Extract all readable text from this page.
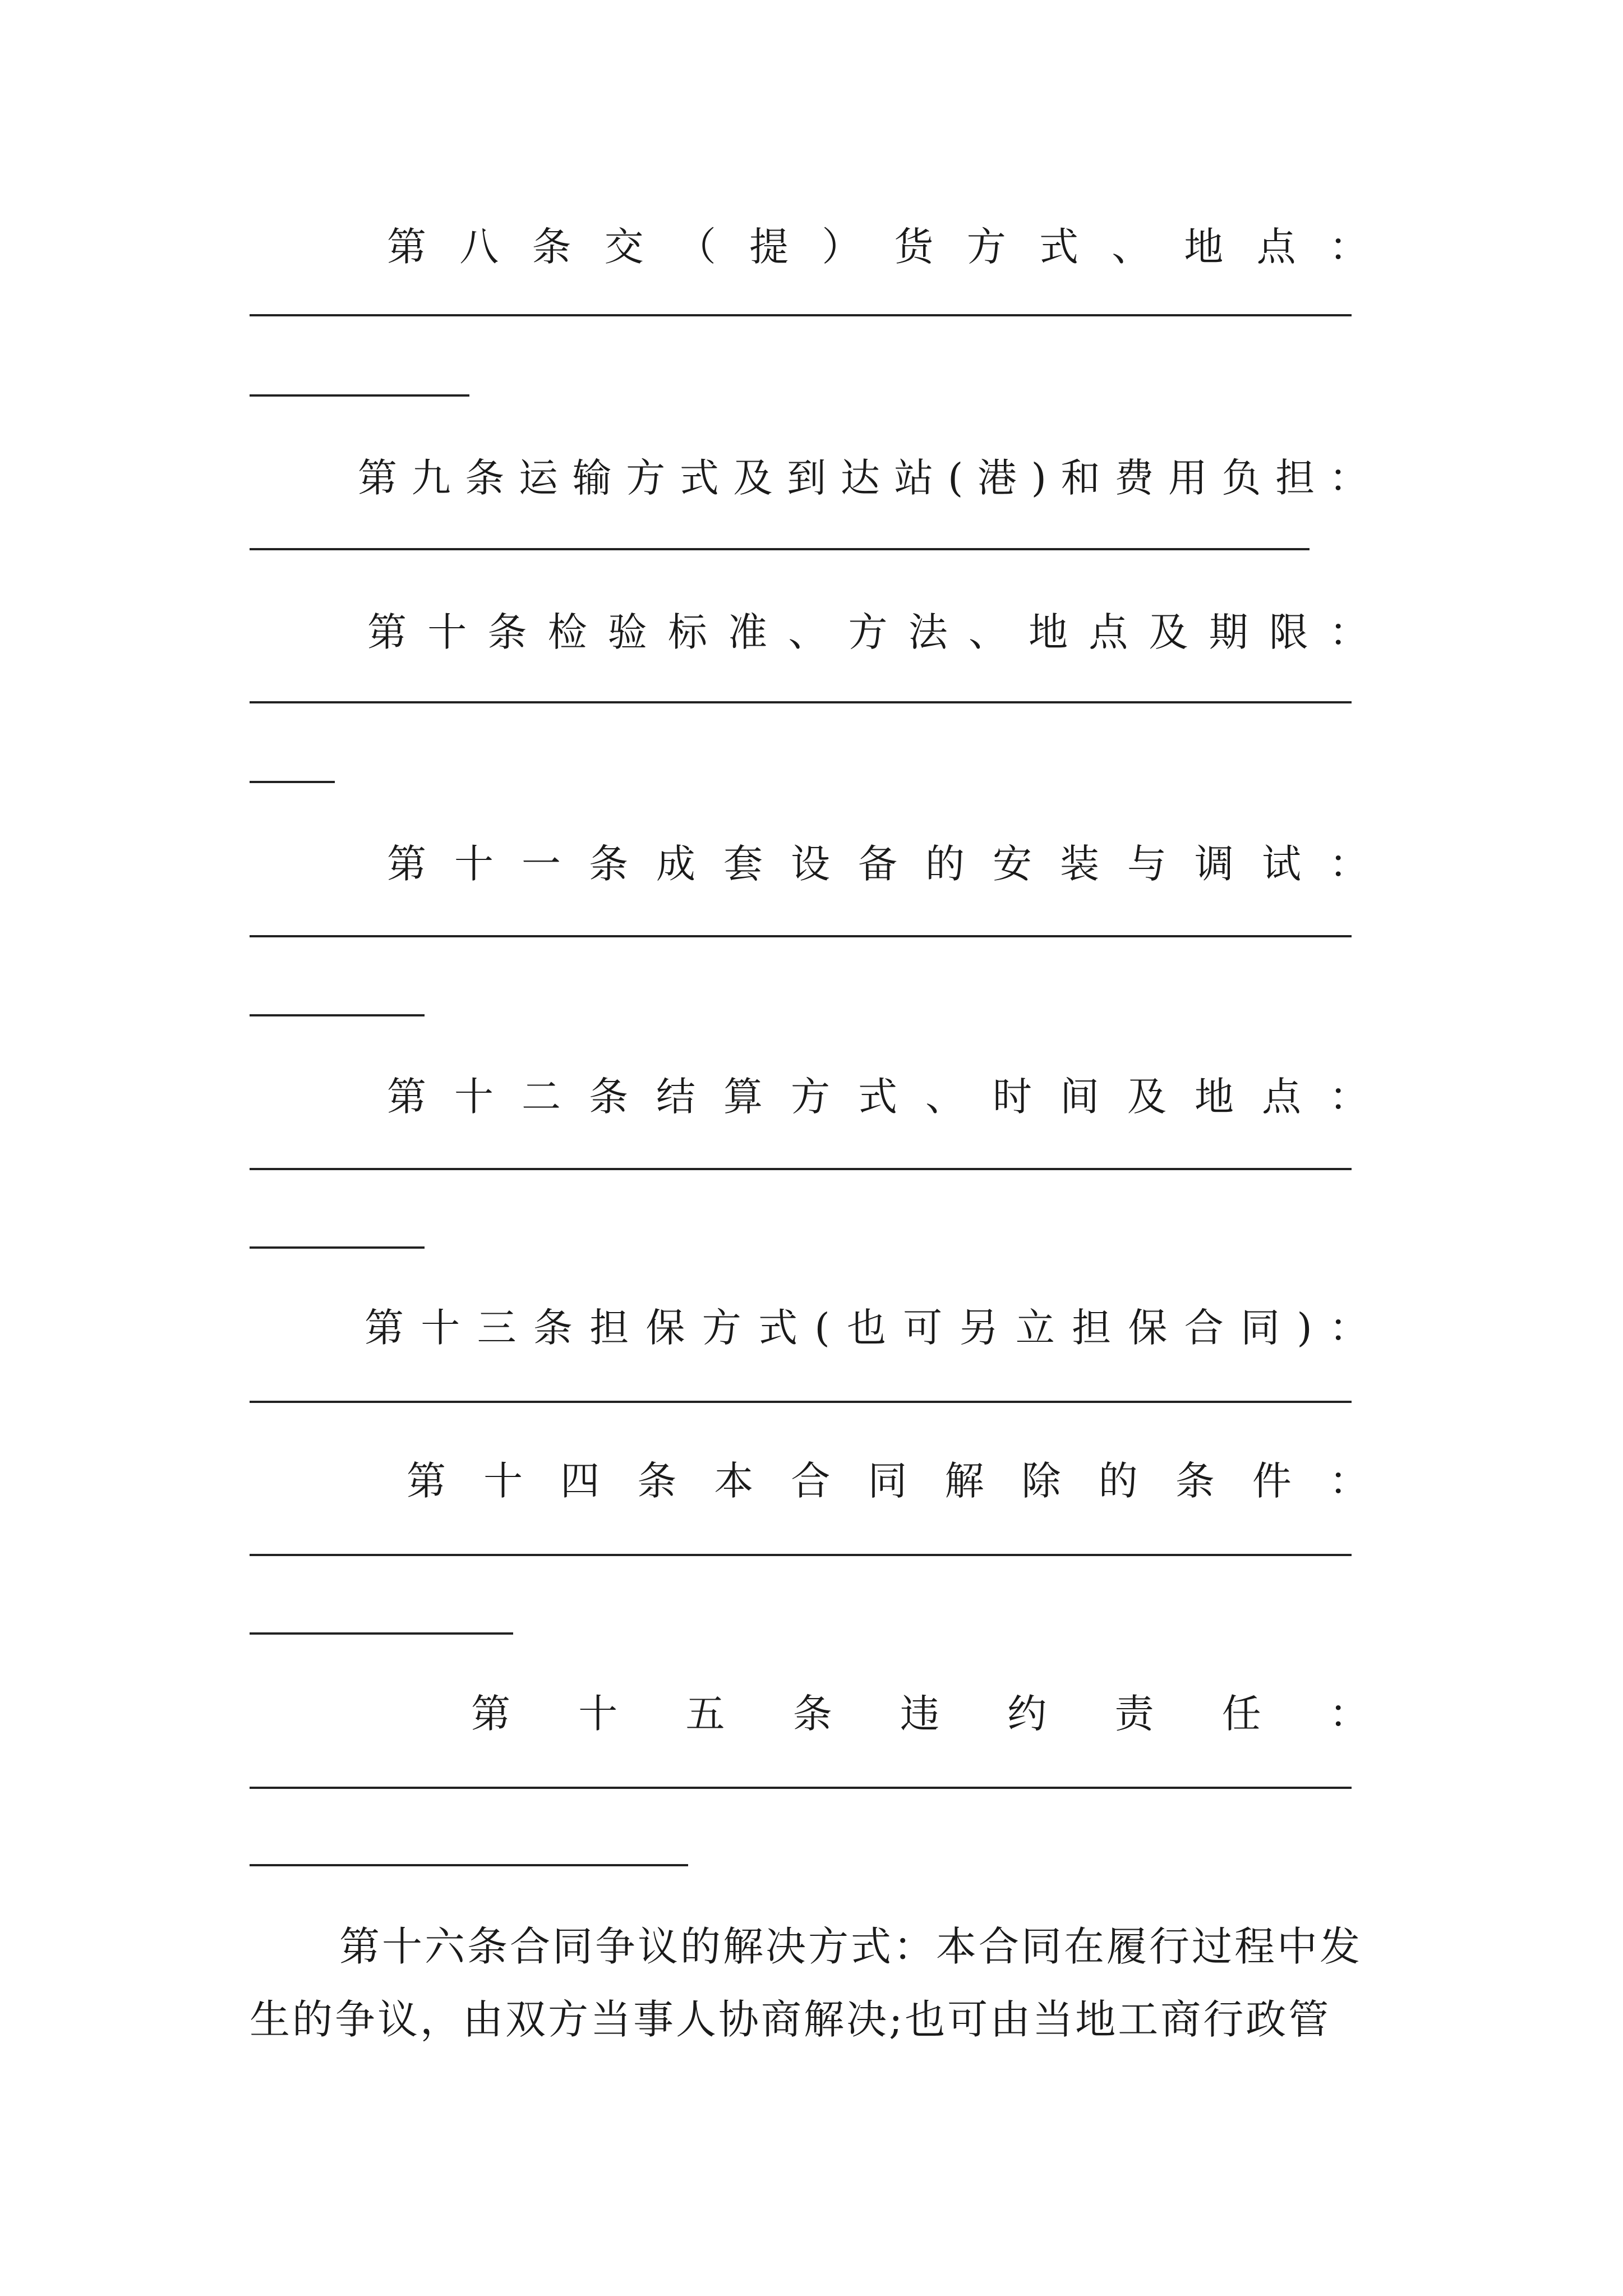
第 八 条 交 （ 提 ） 货 方 式 、 地 点 ：
第 九 条 运 输 方 式 及 到 达 站 ( 港 ) 和 费 用 负 担 ：
第 十 条 检 验 标 准 、 方 法 、 地 点 及 期 限 ：
第 十 一 条 成 套 设 备 的 安 装 与 调 试 ：
第 十 二 条 结 算 方 式 、 时 间 及 地 点 ：
第 十 三 条 担 保 方 式 ( 也 可 另 立 担 保 合 同 ) ：
第 十 四 条 本 合 同 解 除 的 条 件 ：
第 十 五 条 违 约 责 任 ：
第十六条合同争议的解决方式：本合同在履行过程中发
生的争议，由双方当事人协商解决;也可由当地工商行政管
